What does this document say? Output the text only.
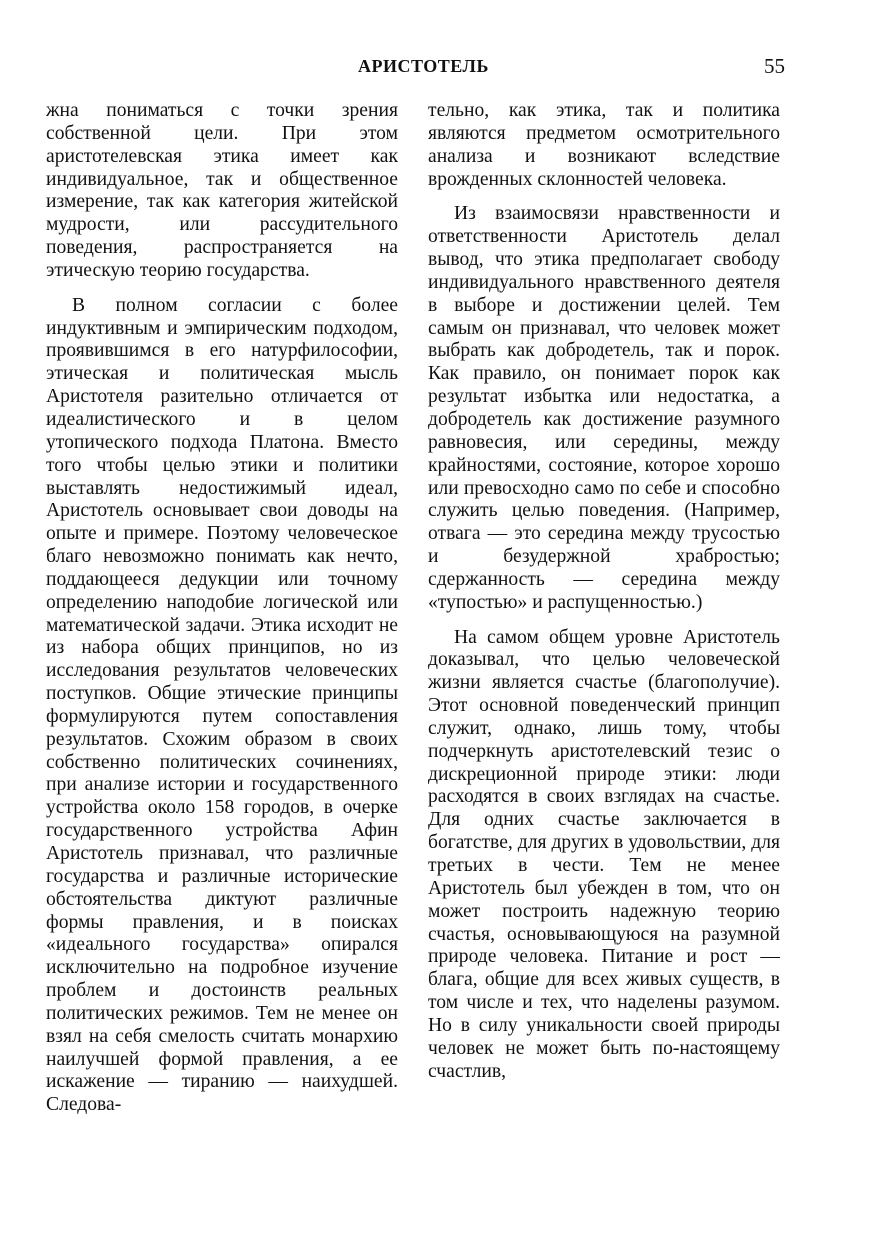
АРИСТОТЕЛЬ	55

жна пониматься с точки зрения собственной цели. При этом аристотелевская этика имеет как индивидуальное, так и общественное измерение, так как категория житейской мудрости, или рассудительного поведения, распространяется на этическую теорию государства.

В полном согласии с более индуктивным и эмпирическим подходом, проявившимся в его натурфилософии, этическая и политическая мысль Аристотеля разительно отличается от идеалистического и в целом утопического подхода Платона. Вместо того чтобы целью этики и политики выставлять недостижимый идеал, Аристотель основывает свои доводы на опыте и примере. Поэтому человеческое благо невозможно понимать как нечто, поддающееся дедукции или точному определению наподобие логической или математической задачи. Этика исходит не из набора общих принципов, но из исследования результатов человеческих поступков. Общие этические принципы формулируются путем сопоставления результатов. Схожим образом в своих собственно политических сочинениях, при анализе истории и государственного устройства около 158 городов, в очерке государственного устройства Афин Аристотель признавал, что различные государства и различные исторические обстоятельства диктуют различные формы правления, и в поисках «идеального государства» опирался исключительно на подробное изучение проблем и достоинств реальных политических режимов. Тем не менее он взял на себя смелость считать монархию наилучшей формой правления, а ее искажение — тиранию — наихудшей. Следова-

тельно, как этика, так и политика являются предметом осмотрительного анализа и возникают вследствие врожденных склонностей человека.

Из взаимосвязи нравственности и ответственности Аристотель делал вывод, что этика предполагает свободу индивидуального нравственного деятеля в выборе и достижении целей. Тем самым он признавал, что человек может выбрать как добродетель, так и порок. Как правило, он понимает порок как результат избытка или недостатка, а добродетель как достижение разумного равновесия, или середины, между крайностями, состояние, которое хорошо или превосходно само по себе и способно служить целью поведения. (Например, отвага — это середина между трусостью и безудержной храбростью; сдержанность — середина между «тупостью» и распущенностью.)

На самом общем уровне Аристотель доказывал, что целью человеческой жизни является счастье (благополучие). Этот основной поведенческий принцип служит, однако, лишь тому, чтобы подчеркнуть аристотелевский тезис о дискреционной природе этики: люди расходятся в своих взглядах на счастье. Для одних счастье заключается в богатстве, для других в удовольствии, для третьих в чести. Тем не менее Аристотель был убежден в том, что он может построить надежную теорию счастья, основывающуюся на разумной природе человека. Питание и рост — блага, общие для всех живых существ, в том числе и тех, что наделены разумом. Но в силу уникальности своей природы человек не может быть по-настоящему счастлив,
